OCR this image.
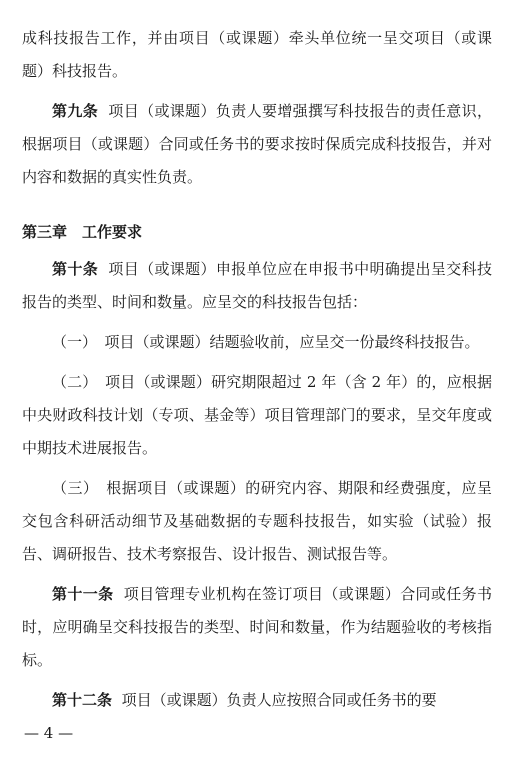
成科技报告工作，并由项目（或课题）牵头单位统一呈交项目（或课题）科技报告。

第九条 项目（或课题）负责人要增强撰写科技报告的责任意识，根据项目（或课题）合同或任务书的要求按时保质完成科技报告，并对内容和数据的真实性负责。

第三章　工作要求

第十条 项目（或课题）申报单位应在申报书中明确提出呈交科技报告的类型、时间和数量。应呈交的科技报告包括：

（一）　项目（或课题）结题验收前，应呈交一份最终科技报告。

（二）　项目（或课题）研究期限超过 2 年（含 2 年）的，应根据中央财政科技计划（专项、基金等）项目管理部门的要求，呈交年度或中期技术进展报告。

（三）　根据项目（或课题）的研究内容、期限和经费强度，应呈交包含科研活动细节及基础数据的专题科技报告，如实验（试验）报告、调研报告、技术考察报告、设计报告、测试报告等。

第十一条 项目管理专业机构在签订项目（或课题）合同或任务书时，应明确呈交科技报告的类型、时间和数量，作为结题验收的考核指标。

第十二条 项目（或课题）负责人应按照合同或任务书的要

— 4 —
